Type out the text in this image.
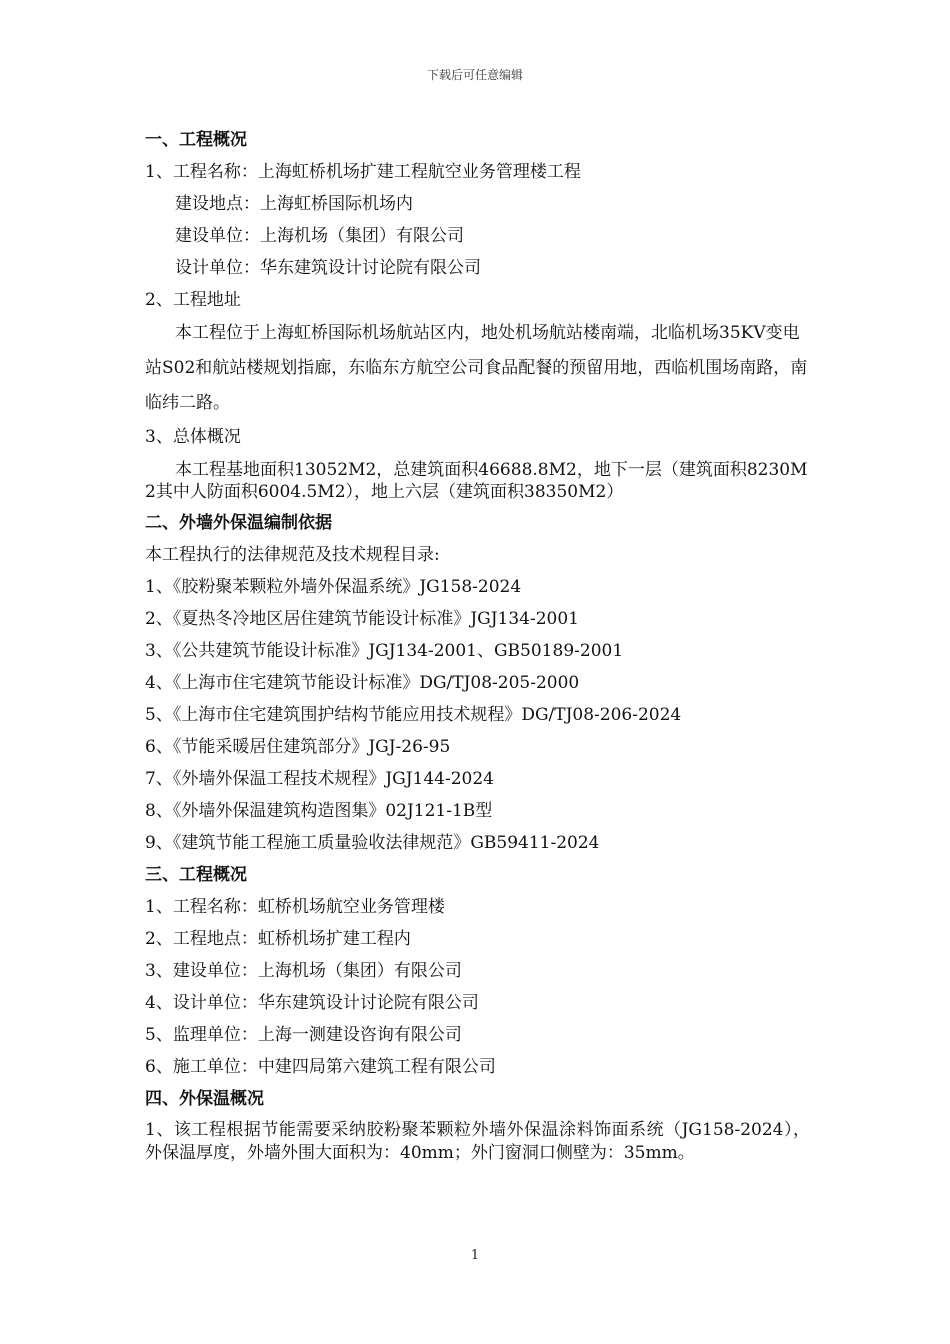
下载后可任意编辑
一、工程概况
1、工程名称：上海虹桥机场扩建工程航空业务管理楼工程
建设地点：上海虹桥国际机场内
建设单位：上海机场（集团）有限公司
设计单位：华东建筑设计讨论院有限公司
2、工程地址
本工程位于上海虹桥国际机场航站区内，地处机场航站楼南端，北临机场35KV变电站S02和航站楼规划指廊，东临东方航空公司食品配餐的预留用地，西临机围场南路，南临纬二路。
3、总体概况
本工程基地面积13052M2，总建筑面积46688.8M2，地下一层（建筑面积8230M2其中人防面积6004.5M2），地上六层（建筑面积38350M2）
二、外墙外保温编制依据
本工程执行的法律规范及技术规程目录:
1、《胶粉聚苯颗粒外墙外保温系统》JG158-2024
2、《夏热冬冷地区居住建筑节能设计标准》JGJ134-2001
3、《公共建筑节能设计标准》JGJ134-2001、GB50189-2001
4、《上海市住宅建筑节能设计标准》DG/TJ08-205-2000
5、《上海市住宅建筑围护结构节能应用技术规程》DG/TJ08-206-2024
6、《节能采暖居住建筑部分》JGJ-26-95
7、《外墙外保温工程技术规程》JGJ144-2024
8、《外墙外保温建筑构造图集》02J121-1B型
9、《建筑节能工程施工质量验收法律规范》GB59411-2024
三、工程概况
1、工程名称：虹桥机场航空业务管理楼
2、工程地点：虹桥机场扩建工程内
3、建设单位：上海机场（集团）有限公司
4、设计单位：华东建筑设计讨论院有限公司
5、监理单位：上海一测建设咨询有限公司
6、施工单位：中建四局第六建筑工程有限公司
四、外保温概况
1、该工程根据节能需要采纳胶粉聚苯颗粒外墙外保温涂料饰面系统（JG158-2024），外保温厚度，外墙外围大面积为：40mm；外门窗洞口侧壁为：35mm。
1
